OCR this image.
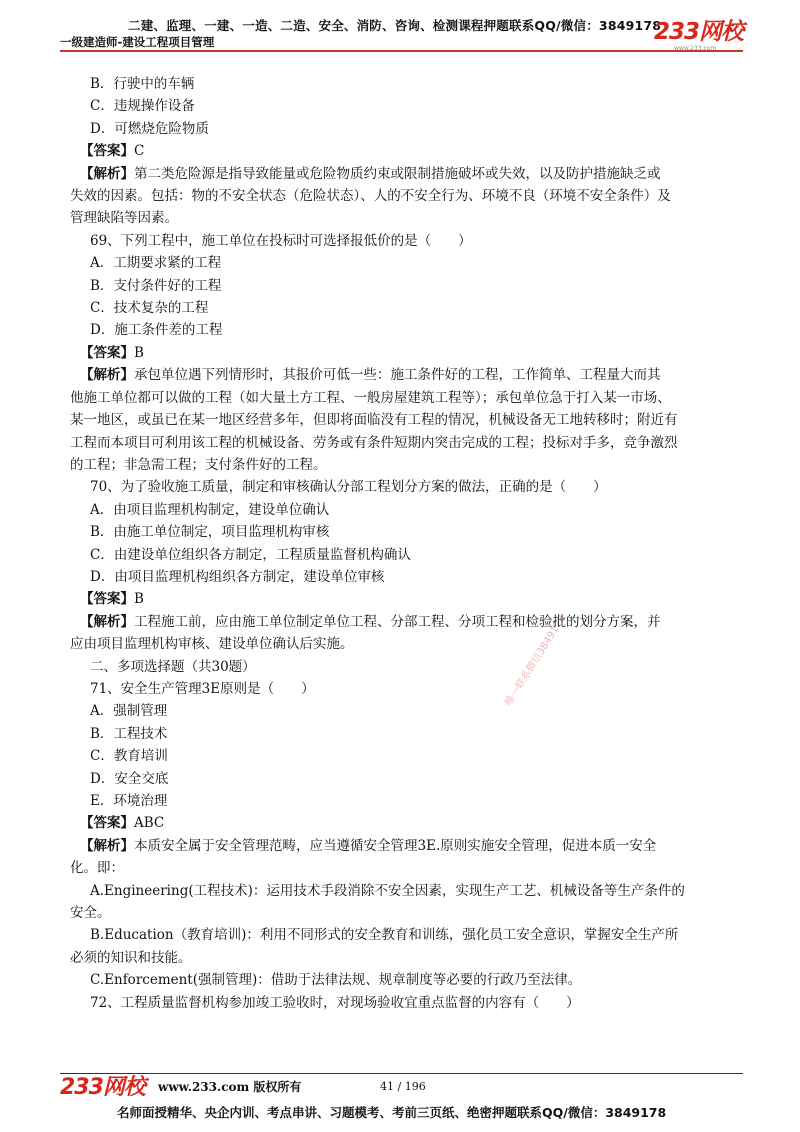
二建、监理、一建、一造、二造、安全、消防、咨询、检测课程押题联系QQ/微信：3849178
一级建造师-建设工程项目管理	233网校
www.233.com
唯一联系微信3849178
B．行驶中的车辆
C．违规操作设备
D．可燃烧危险物质
【答案】C
【解析】第二类危险源是指导致能量或危险物质约束或限制措施破坏或失效，以及防护措施缺乏或
失效的因素。包括：物的不安全状态（危险状态）、人的不安全行为、环境不良（环境不安全条件）及
管理缺陷等因素。
69、下列工程中，施工单位在投标时可选择报低价的是（　　）
A．工期要求紧的工程
B．支付条件好的工程
C．技术复杂的工程
D．施工条件差的工程
【答案】B
【解析】承包单位遇下列情形时，其报价可低一些：施工条件好的工程，工作简单、工程量大而其
他施工单位都可以做的工程（如大量土方工程、一般房屋建筑工程等）；承包单位急于打入某一市场、
某一地区，或虽已在某一地区经营多年，但即将面临没有工程的情况，机械设备无工地转移时；附近有
工程而本项目可利用该工程的机械设备、劳务或有条件短期内突击完成的工程；投标对手多，竞争激烈
的工程；非急需工程；支付条件好的工程。
70、为了验收施工质量，制定和审核确认分部工程划分方案的做法，正确的是（　　）
A．由项目监理机构制定，建设单位确认
B．由施工单位制定，项目监理机构审核
C．由建设单位组织各方制定，工程质量监督机构确认
D．由项目监理机构组织各方制定，建设单位审核
【答案】B
【解析】工程施工前，应由施工单位制定单位工程、分部工程、分项工程和检验批的划分方案，并
应由项目监理机构审核、建设单位确认后实施。
二、多项选择题（共30题）
71、安全生产管理3E原则是（　　）
A．强制管理
B．工程技术
C．教育培训
D．安全交底
E．环境治理
【答案】ABC
【解析】本质安全属于安全管理范畴，应当遵循安全管理3E.原则实施安全管理，促进本质一安全
化。即：
A.Engineering(工程技术)：运用技术手段消除不安全因素，实现生产工艺、机械设备等生产条件的
安全。
B.Education（教育培训)：利用不同形式的安全教育和训练，强化员工安全意识，掌握安全生产所
必须的知识和技能。
C.Enforcement(强制管理)：借助于法律法规、规章制度等必要的行政乃至法律。
72、工程质量监督机构参加竣工验收时，对现场验收宜重点监督的内容有（　　）
233网校 www.233.com 版权所有	41 / 196
名师面授精华、央企内训、考点串讲、习题模考、考前三页纸、绝密押题联系QQ/微信：3849178
